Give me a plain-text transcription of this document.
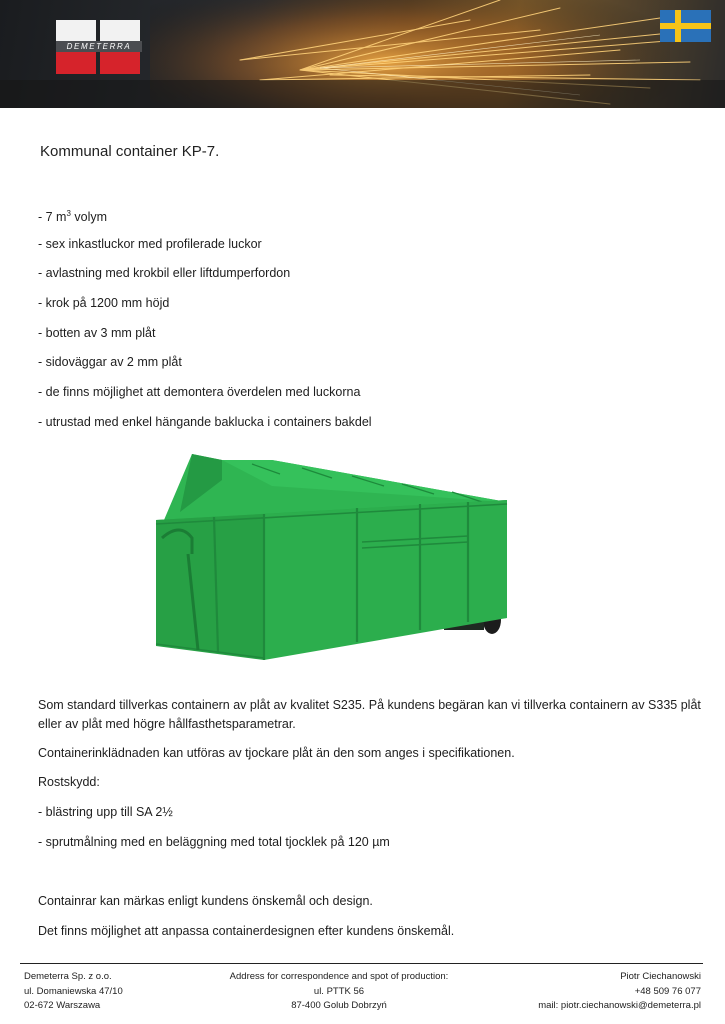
DEMETERRA
Kommunal container KP-7.
- 7 $m^3$ volym
- sex inkastluckor med profilerade luckor
- avlastning med krokbil eller liftdumperfordon
- krok på 1200 mm höjd
- botten av 3 mm plåt
- sidoväggar av 2 mm plåt
- de finns möjlighet att demontera överdelen med luckorna
- utrustad med enkel hängande baklucka i containers bakdel

Som standard tillverkas containern av plåt av kvalitet S235. På kundens begäran kan vi tillverka containern av S335 plåt eller av plåt med högre hållfasthetsparametrar.

Containerinklädnaden kan utföras av tjockare plåt än den som anges i specifikationen.

Rostskydd:

- blästring upp till SA 2½

- sprutmålning med en beläggning med total tjocklek på 120 µm

Containrar kan märkas enligt kundens önskemål och design.

Det finns möjlighet att anpassa containerdesignen efter kundens önskemål.

Demeterra Sp. z o.o.
ul. Domaniewska 47/10
02-672 Warszawa
Address for correspondence and spot of production:
ul. PTTK 56
87-400 Golub Dobrzyń
Piotr Ciechanowski
+48 509 76 077
mail: piotr.ciechanowski@demeterra.pl
